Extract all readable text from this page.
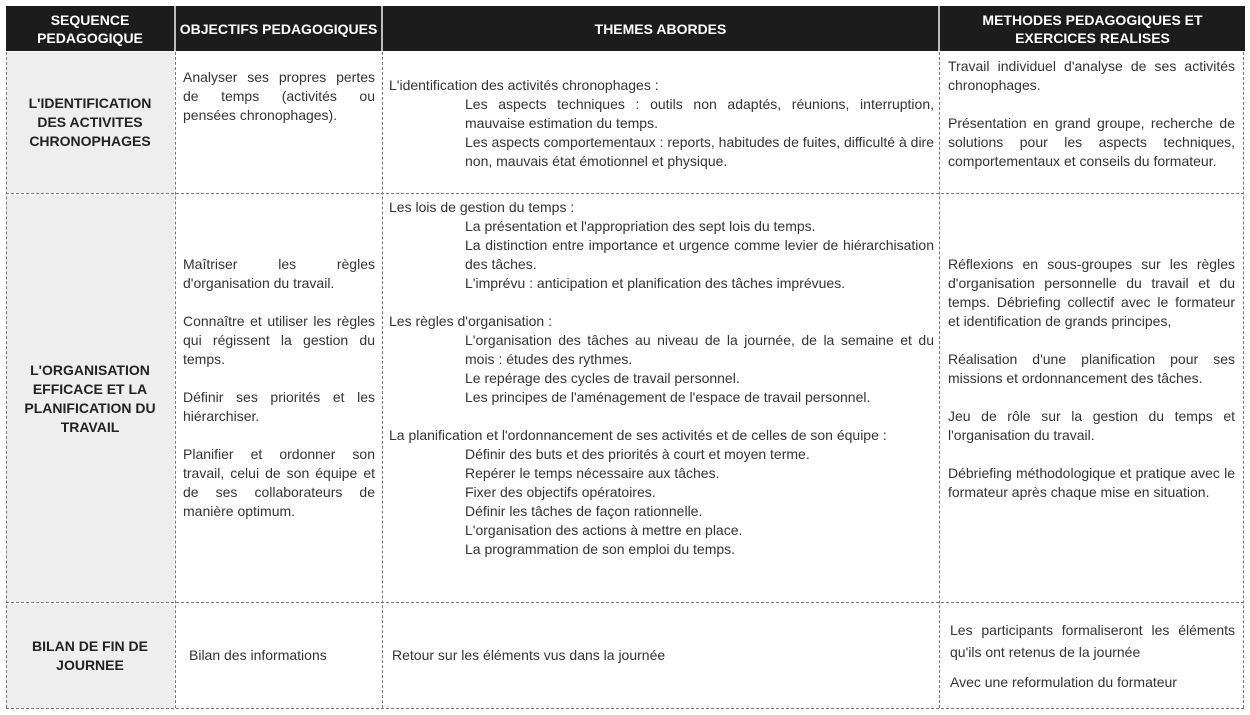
SEQUENCE PEDAGOGIQUE
OBJECTIFS PEDAGOGIQUES	THEMES ABORDES
METHODES PEDAGOGIQUES ET EXERCICES REALISES
L'IDENTIFICATION DES ACTIVITES CHRONOPHAGES
L'ORGANISATION EFFICACE ET LA PLANIFICATION DU TRAVAIL
BILAN DE FIN DE JOURNEE

Analyser ses propres pertes de temps (activités ou pensées chronophages).

L'identification des activités chronophages :

Les aspects techniques : outils non adaptés, réunions, interruption, mauvaise estimation du temps.

Les aspects comportementaux : reports, habitudes de fuites, difficulté à dire non, mauvais état émotionnel et physique.

Travail individuel d'analyse de ses activités chronophages.

Présentation en grand groupe, recherche de solutions pour les aspects techniques, comportementaux et conseils du formateur.

Maîtriser les règles d'organisation du travail.

Connaître et utiliser les règles qui régissent la gestion du temps.

Définir ses priorités et les hiérarchiser.

Planifier et ordonner son travail, celui de son équipe et de ses collaborateurs de manière optimum.

Les lois de gestion du temps :

La présentation et l'appropriation des sept lois du temps.

La distinction entre importance et urgence comme levier de hiérarchisation des tâches.

L'imprévu : anticipation et planification des tâches imprévues.

Les règles d'organisation :

L'organisation des tâches au niveau de la journée, de la semaine et du mois : études des rythmes.

Le repérage des cycles de travail personnel.

Les principes de l'aménagement de l'espace de travail personnel.

La planification et l'ordonnancement de ses activités et de celles de son équipe :

Définir des buts et des priorités à court et moyen terme.

Repérer le temps nécessaire aux tâches.

Fixer des objectifs opératoires.

Définir les tâches de façon rationnelle.

L'organisation des actions à mettre en place.

La programmation de son emploi du temps.

Réflexions en sous-groupes sur les règles d'organisation personnelle du travail et du temps. Débriefing collectif avec le formateur et identification de grands principes,

Réalisation d'une planification pour ses missions et ordonnancement des tâches.

Jeu de rôle sur la gestion du temps et l'organisation du travail.

Débriefing méthodologique et pratique avec le formateur après chaque mise en situation.

Bilan des informations	Retour sur les éléments vus dans la journée

Les participants formaliseront les éléments qu'ils ont retenus de la journée

Avec une reformulation du formateur
